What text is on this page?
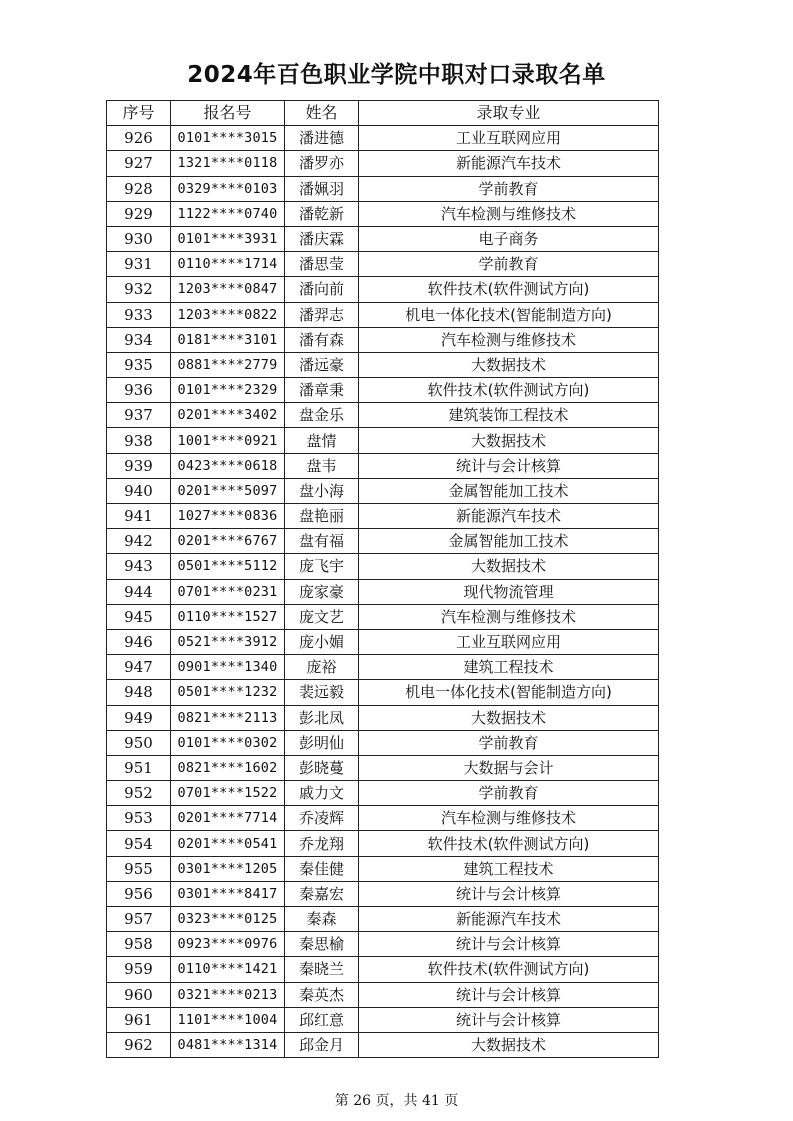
2024年百色职业学院中职对口录取名单
序号	报名号	姓名	录取专业
926	0101****3015	潘进德	工业互联网应用
927	1321****0118	潘罗亦	新能源汽车技术
928	0329****0103	潘姵羽	学前教育
929	1122****0740	潘乾新	汽车检测与维修技术
930	0101****3931	潘庆霖	电子商务
931	0110****1714	潘思莹	学前教育
932	1203****0847	潘向前	软件技术(软件测试方向)
933	1203****0822	潘羿志	机电一体化技术(智能制造方向)
934	0181****3101	潘有森	汽车检测与维修技术
935	0881****2779	潘远豪	大数据技术
936	0101****2329	潘章秉	软件技术(软件测试方向)
937	0201****3402	盘金乐	建筑装饰工程技术
938	1001****0921	盘情	大数据技术
939	0423****0618	盘韦	统计与会计核算
940	0201****5097	盘小海	金属智能加工技术
941	1027****0836	盘艳丽	新能源汽车技术
942	0201****6767	盘有福	金属智能加工技术
943	0501****5112	庞飞宇	大数据技术
944	0701****0231	庞家豪	现代物流管理
945	0110****1527	庞文艺	汽车检测与维修技术
946	0521****3912	庞小媚	工业互联网应用
947	0901****1340	庞裕	建筑工程技术
948	0501****1232	裴远毅	机电一体化技术(智能制造方向)
949	0821****2113	彭北凤	大数据技术
950	0101****0302	彭明仙	学前教育
951	0821****1602	彭晓蔓	大数据与会计
952	0701****1522	戚力文	学前教育
953	0201****7714	乔凌辉	汽车检测与维修技术
954	0201****0541	乔龙翔	软件技术(软件测试方向)
955	0301****1205	秦佳健	建筑工程技术
956	0301****8417	秦嘉宏	统计与会计核算
957	0323****0125	秦森	新能源汽车技术
958	0923****0976	秦思榆	统计与会计核算
959	0110****1421	秦晓兰	软件技术(软件测试方向)
960	0321****0213	秦英杰	统计与会计核算
961	1101****1004	邱红意	统计与会计核算
962	0481****1314	邱金月	大数据技术
第 26 页，共 41 页
